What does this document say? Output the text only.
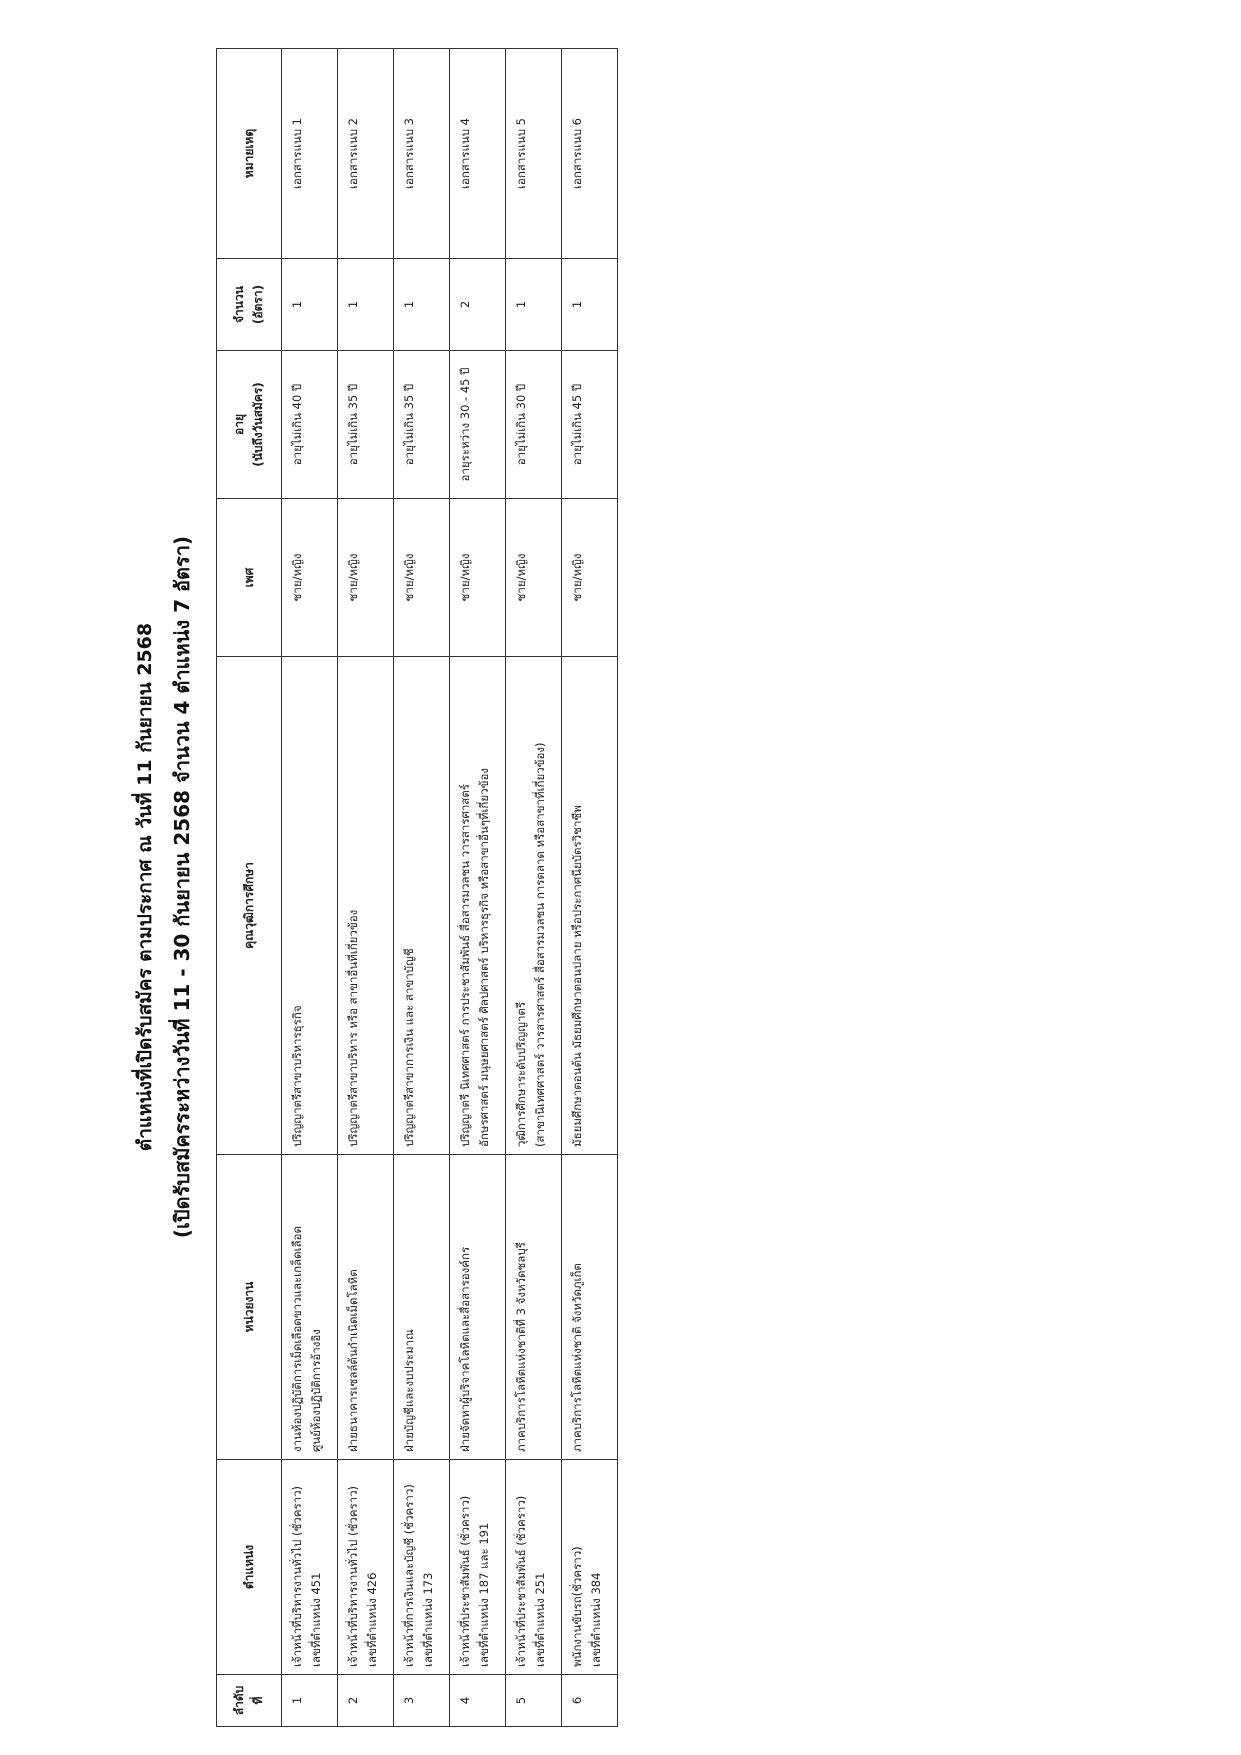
ตำแหน่งที่เปิดรับสมัคร ตามประกาศ ณ วันที่ 11 กันยายน 2568 (เปิดรับสมัครระหว่างวันที่ 11 - 30 กันยายน 2568 จำนวน 4 ตำแหน่ง 7 อัตรา)
ลำดับที่	ตำแหน่ง	หน่วยงาน	คุณวุฒิการศึกษา	เพศ	อายุ (นับถึงวันสมัคร)	จำนวน (อัตรา)	หมายเหตุ

1	เจ้าหน้าที่บริหารงานทั่วไป (ชั่วคราว) เลขที่ตำแหน่ง 451	งานห้องปฏิบัติการเม็ดเลือดขาวและเกล็ดเลือด ศูนย์ห้องปฏิบัติการอ้างอิง	ปริญญาตรีสาขาบริหารธุรกิจ	ชาย/หญิง	อายุไม่เกิน 40 ปี	1	เอกสารแนบ 1

2	เจ้าหน้าที่บริหารงานทั่วไป (ชั่วคราว) เลขที่ตำแหน่ง 426	ฝ่ายธนาคารเซลล์ต้นกำเนิดเม็ดโลหิต	ปริญญาตรีสาขาบริหาร หรือ สาขาอื่นที่เกี่ยวข้อง	ชาย/หญิง	อายุไม่เกิน 35 ปี	1	เอกสารแนบ 2

3	เจ้าหน้าที่การเงินและบัญชี (ชั่วคราว) เลขที่ตำแหน่ง 173	ฝ่ายบัญชีและงบประมาณ	ปริญญาตรีสาขาการเงิน และ สาขาบัญชี	ชาย/หญิง	อายุไม่เกิน 35 ปี	1	เอกสารแนบ 3

4	เจ้าหน้าที่ประชาสัมพันธ์ (ชั่วคราว) เลขที่ตำแหน่ง 187 และ 191	ฝ่ายจัดหาผู้บริจาคโลหิตและสื่อสารองค์กร	ปริญญาตรี นิเทศศาสตร์ การประชาสัมพันธ์ สื่อสารมวลชน วารสารศาสตร์ อักษรศาสตร์ มนุษยศาสตร์ ศิลปศาสตร์ บริหารธุรกิจ หรือสาขาอื่นๆที่เกี่ยวข้อง	ชาย/หญิง	อายุระหว่าง 30 - 45 ปี	2	เอกสารแนบ 4

5	เจ้าหน้าที่ประชาสัมพันธ์ (ชั่วคราว) เลขที่ตำแหน่ง 251	ภาคบริการโลหิตแห่งชาติที่ 3 จังหวัดชลบุรี	วุฒิการศึกษาระดับปริญญาตรี (สาขานิเทศศาสตร์ วารสารศาสตร์ สื่อสารมวลชน การตลาด หรือสาขาที่เกี่ยวข้อง)	ชาย/หญิง	อายุไม่เกิน 30 ปี	1	เอกสารแนบ 5

6	พนักงานขับรถ(ชั่วคราว) เลขที่ตำแหน่ง 384	ภาคบริการโลหิตแห่งชาติ จังหวัดภูเก็ต	มัธยมศึกษาตอนต้น มัธยมศึกษาตอนปลาย หรือประกาศนียบัตรวิชาชีพ	ชาย/หญิง	อายุไม่เกิน 45 ปี	1	เอกสารแนบ 6
